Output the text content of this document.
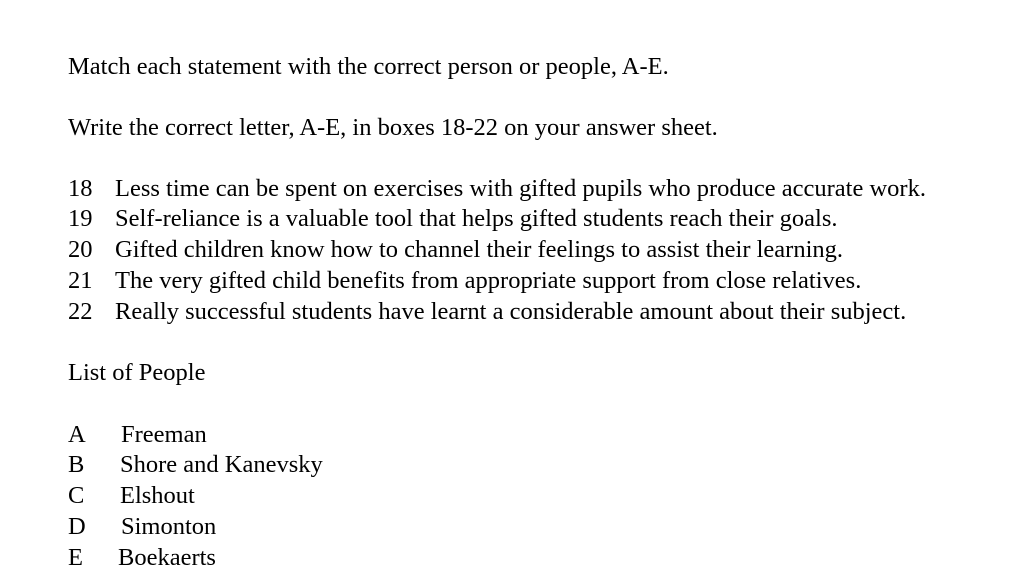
Match each statement with the correct person or people, A-E.
Write the correct letter, A-E, in boxes 18-22 on your answer sheet.
18 Less time can be spent on exercises with gifted pupils who produce accurate work.
19 Self-reliance is a valuable tool that helps gifted students reach their goals.
20 Gifted children know how to channel their feelings to assist their learning.
21 The very gifted child benefits from appropriate support from close relatives.
22 Really successful students have learnt a considerable amount about their subject.
List of People
A Freeman
B Shore and Kanevsky
C Elshout
D Simonton
E Boekaerts
